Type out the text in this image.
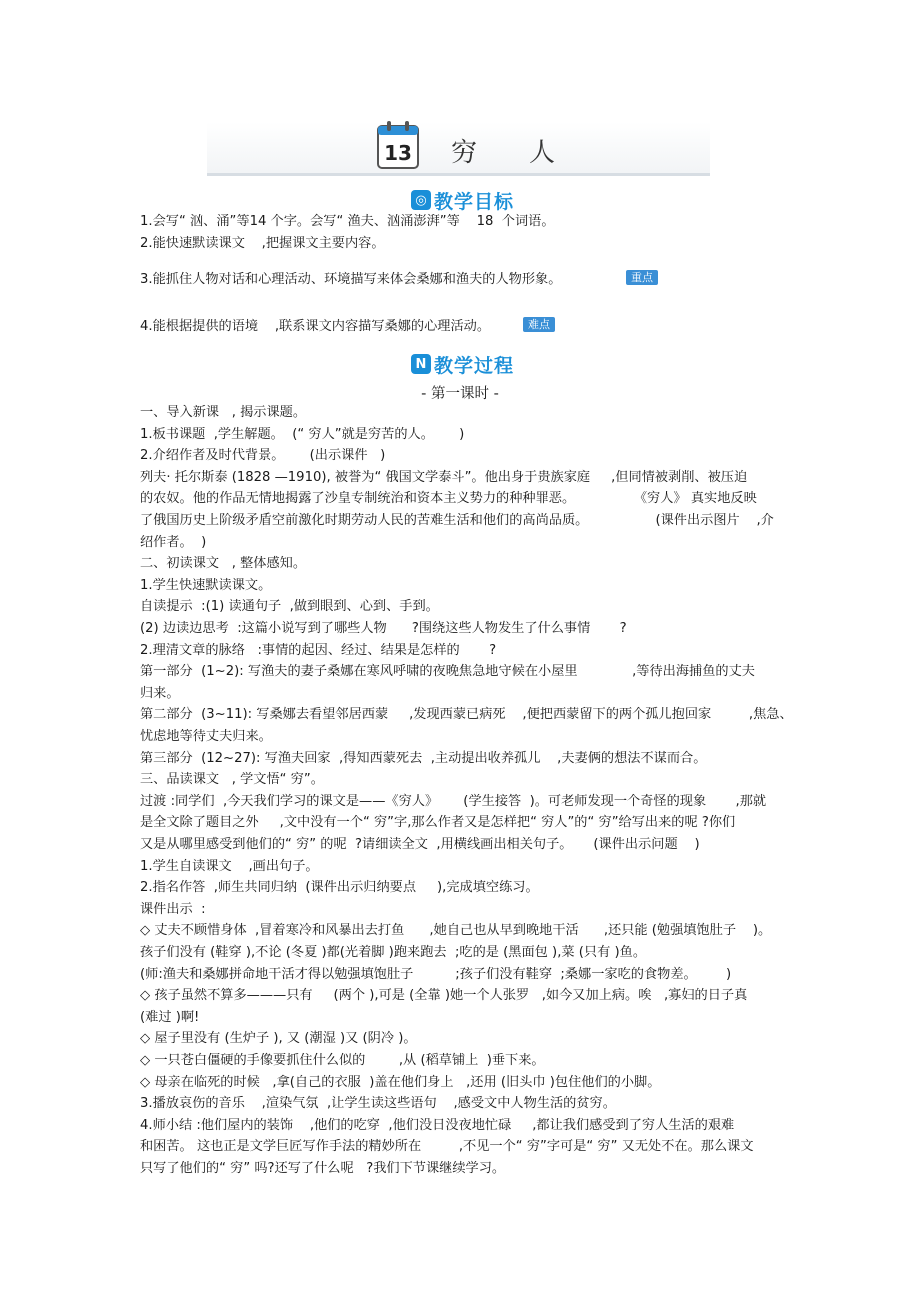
13 穷人
◎ 教学目标
1.会写“ 汹、涌”等14 个字。会写“ 渔夫、汹涌澎湃”等    18  个词语。
2.能快速默读课文    ,把握课文主要内容。
3.能抓住人物对话和心理活动、环境描写来体会桑娜和渔夫的人物形象。	重点
4.能根据提供的语境    ,联系课文内容描写桑娜的心理活动。	难点
N 教学过程
- 第一课时 -
一、导入新课   , 揭示课题。
1.板书课题  ,学生解题。  (“ 穷人”就是穷苦的人。      )
2.介绍作者及时代背景。      (出示课件   )
列夫· 托尔斯泰 (1828 —1910), 被誉为“ 俄国文学泰斗”。他出身于贵族家庭     ,但同情被剥削、被压迫
的农奴。他的作品无情地揭露了沙皇专制统治和资本主义势力的种种罪恶。              《穷人》 真实地反映
了俄国历史上阶级矛盾空前激化时期劳动人民的苦难生活和他们的高尚品质。                (课件出示图片    ,介
绍作者。  )
二、初读课文   , 整体感知。
1.学生快速默读课文。
自读提示  :(1) 读通句子  ,做到眼到、心到、手到。
(2) 边读边思考  :这篇小说写到了哪些人物      ?围绕这些人物发生了什么事情       ?
2.理清文章的脉络   :事情的起因、经过、结果是怎样的       ?
第一部分  (1~2): 写渔夫的妻子桑娜在寒风呼啸的夜晚焦急地守候在小屋里             ,等待出海捕鱼的丈夫
归来。
第二部分  (3~11): 写桑娜去看望邻居西蒙     ,发现西蒙已病死    ,便把西蒙留下的两个孤儿抱回家         ,焦急、
忧虑地等待丈夫归来。
第三部分  (12~27): 写渔夫回家  ,得知西蒙死去  ,主动提出收养孤儿    ,夫妻俩的想法不谋而合。
三、品读课文   , 学文悟“ 穷”。
过渡 :同学们  ,今天我们学习的课文是——《穷人》      (学生接答  )。可老师发现一个奇怪的现象       ,那就
是全文除了题目之外     ,文中没有一个“ 穷”字,那么作者又是怎样把“ 穷人”的“ 穷”给写出来的呢 ?你们
又是从哪里感受到他们的“ 穷” 的呢  ?请细读全文  ,用横线画出相关句子。     (课件出示问题    )
1.学生自读课文    ,画出句子。
2.指名作答  ,师生共同归纳  (课件出示归纳要点     ),完成填空练习。
课件出示  :
◇ 丈夫不顾惜身体  ,冒着寒冷和风暴出去打鱼      ,她自己也从早到晚地干活      ,还只能 (勉强填饱肚子    )。
孩子们没有 (鞋穿 ),不论 (冬夏 )都(光着脚 )跑来跑去  ;吃的是 (黑面包 ),菜 (只有 )鱼。
(师:渔夫和桑娜拼命地干活才得以勉强填饱肚子          ;孩子们没有鞋穿  ;桑娜一家吃的食物差。       )
◇ 孩子虽然不算多———只有     (两个 ),可是 (全靠 )她一个人张罗   ,如今又加上病。唉   ,寡妇的日子真
(难过 )啊!
◇ 屋子里没有 (生炉子 ), 又 (潮湿 )又 (阴冷 )。
◇ 一只苍白僵硬的手像要抓住什么似的        ,从 (稻草铺上  )垂下来。
◇ 母亲在临死的时候   ,拿(自己的衣服  )盖在他们身上   ,还用 (旧头巾 )包住他们的小脚。
3.播放哀伤的音乐    ,渲染气氛  ,让学生读这些语句    ,感受文中人物生活的贫穷。
4.师小结 :他们屋内的装饰    ,他们的吃穿  ,他们没日没夜地忙碌     ,都让我们感受到了穷人生活的艰难
和困苦。 这也正是文学巨匠写作手法的精妙所在         ,不见一个“ 穷”字可是“ 穷” 又无处不在。那么课文
只写了他们的“ 穷” 吗?还写了什么呢   ?我们下节课继续学习。
